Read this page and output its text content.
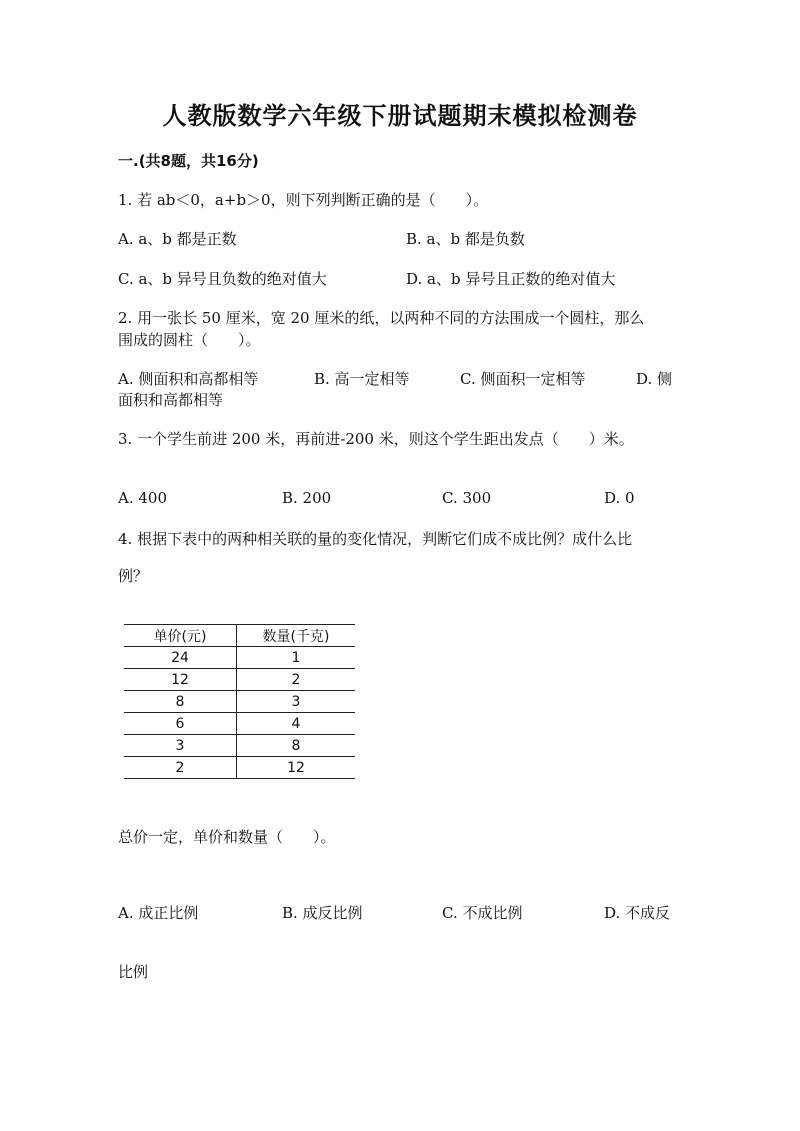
人教版数学六年级下册试题期末模拟检测卷
一.(共8题，共16分)
1. 若 ab＜0，a+b＞0，则下列判断正确的是（　　）。
A. a、b 都是正数	B. a、b 都是负数
C. a、b 异号且负数的绝对值大	D. a、b 异号且正数的绝对值大
2. 用一张长 50 厘米，宽 20 厘米的纸，以两种不同的方法围成一个圆柱，那么
围成的圆柱（　　）。
A. 侧面积和高都相等	B. 高一定相等	C. 侧面积一定相等	D. 侧
面积和高都相等
3. 一个学生前进 200 米，再前进-200 米，则这个学生距出发点（　　）米。
A. 400	B. 200	C. 300	D. 0
4. 根据下表中的两种相关联的量的变化情况，判断它们成不成比例？成什么比
例？
单价(元)	数量(千克)
24	1
12	2
8	3
6	4
3	8
2	12
总价一定，单价和数量（　　）。
A. 成正比例	B. 成反比例	C. 不成比例	D. 不成反
比例
